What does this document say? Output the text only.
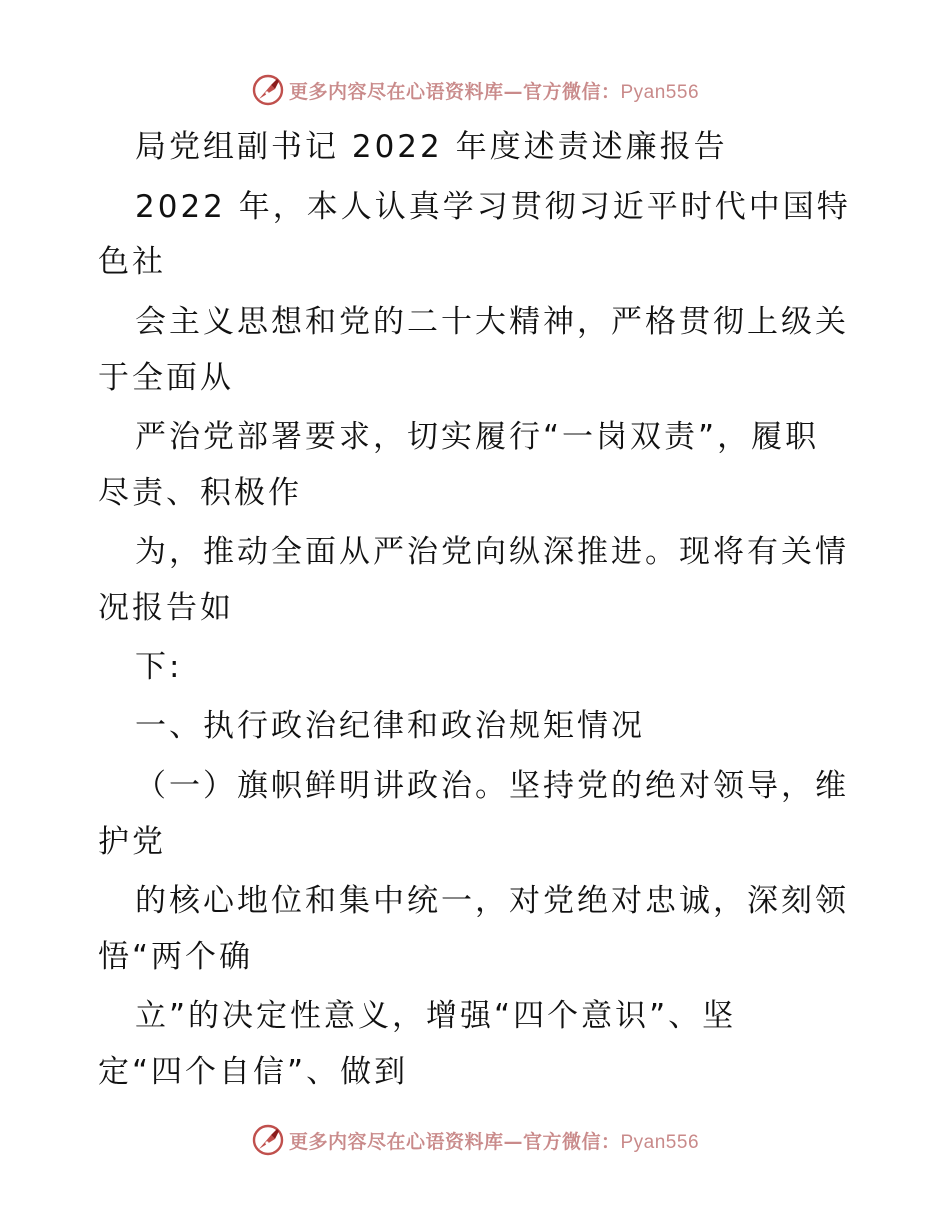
更多内容尽在心语资料库—官方微信：Pyan556
局党组副书记 2022 年度述责述廉报告
2022 年，本人认真学习贯彻习近平时代中国特
色社
会主义思想和党的二十大精神，严格贯彻上级关
于全面从
严治党部署要求，切实履行“一岗双责”，履职
尽责、积极作
为，推动全面从严治党向纵深推进。现将有关情
况报告如
下:
一、执行政治纪律和政治规矩情况
（一）旗帜鲜明讲政治。坚持党的绝对领导，维
护党
的核心地位和集中统一，对党绝对忠诚，深刻领
悟“两个确
立”的决定性意义，增强“四个意识”、坚
定“四个自信”、做到
更多内容尽在心语资料库—官方微信：Pyan556
